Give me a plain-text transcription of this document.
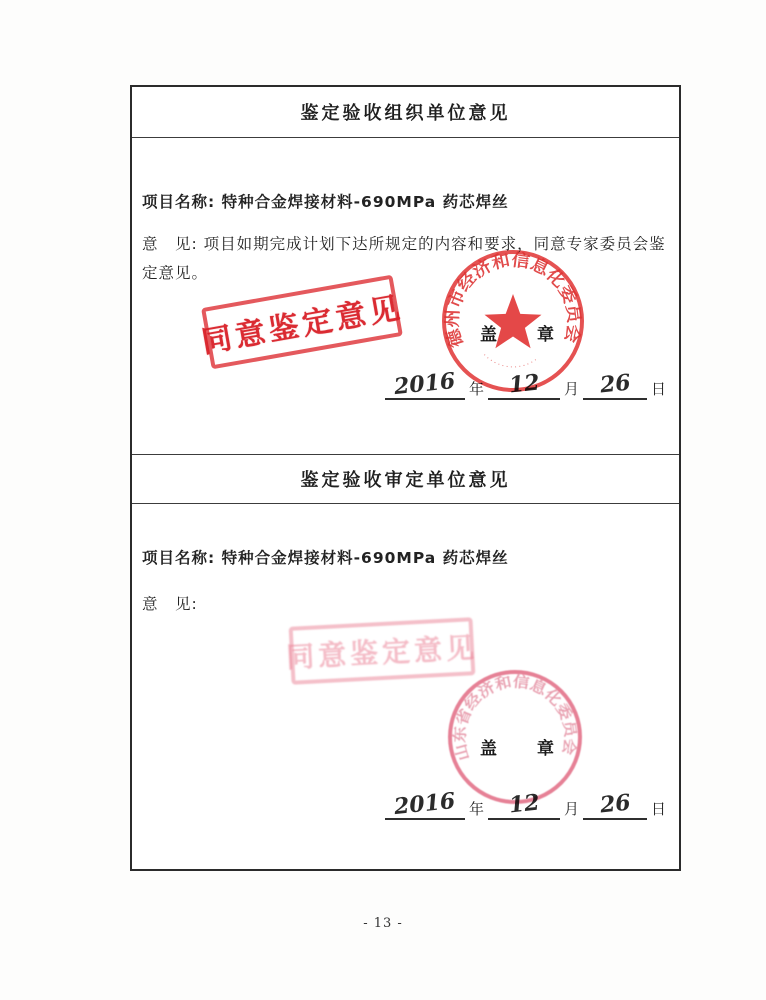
鉴定验收组织单位意见
项目名称: 特种合金焊接材料-690MPa 药芯焊丝
意　见: 项目如期完成计划下达所规定的内容和要求，同意专家委员会鉴定意见。
同意鉴定意见 德州市经济和信息化委员会
··············
盖　　章
2016 年	12	月 26	日
鉴定验收审定单位意见
项目名称: 特种合金焊接材料-690MPa 药芯焊丝
意　见:
同意鉴定意见
山东省经济和信息化委员会
盖　　章
2016 年	12	月 26	日
- 13 -
